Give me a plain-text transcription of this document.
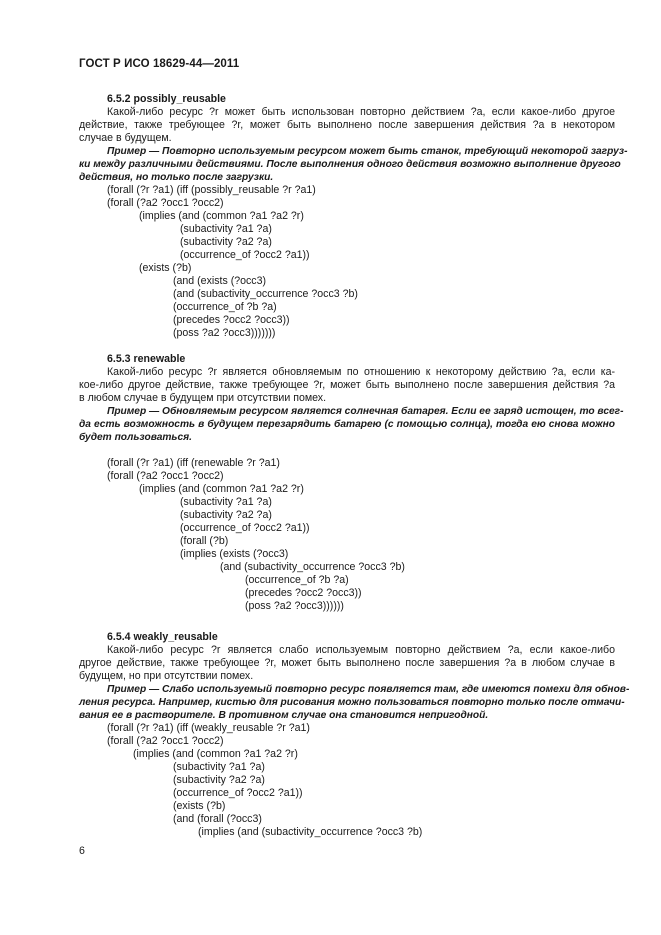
ГОСТ Р ИСО 18629-44—2011
6.5.2 possibly_reusable
Какой-либо ресурс ?r может быть использован повторно действием ?a, если какое-либо другое
действие, также требующее ?r, может быть выполнено после завершения действия ?a в некотором
случае в будущем.
Пример — Повторно используемым ресурсом может быть станок, требующий некоторой загруз-
ки между различными действиями. После выполнения одного действия возможно выполнение другого
действия, но только после загрузки.
(forall (?r ?a1) (iff (possibly_reusable ?r ?a1)
(forall (?a2 ?occ1 ?occ2)
(implies (and (common ?a1 ?a2 ?r)
(subactivity ?a1 ?a)
(subactivity ?a2 ?a)
(occurrence_of ?occ2 ?a1))
(exists (?b)
(and (exists (?occ3)
(and (subactivity_occurrence ?occ3 ?b)
(occurrence_of ?b ?a)
(precedes ?occ2 ?occ3))
(poss ?a2 ?occ3)))))))
6.5.3 renewable
Какой-либо ресурс ?r является обновляемым по отношению к некоторому действию ?a, если ка-
кое-либо другое действие, также требующее ?r, может быть выполнено после завершения действия ?a
в любом случае в будущем при отсутствии помех.
Пример — Обновляемым ресурсом является солнечная батарея. Если ее заряд истощен, то всег-
да есть возможность в будущем перезарядить батарею (с помощью солнца), тогда ею снова можно
будет пользоваться.
(forall (?r ?a1) (iff (renewable ?r ?a1)
(forall (?a2 ?occ1 ?occ2)
(implies (and (common ?a1 ?a2 ?r)
(subactivity ?a1 ?a)
(subactivity ?a2 ?a)
(occurrence_of ?occ2 ?a1))
(forall (?b)
(implies (exists (?occ3)
(and (subactivity_occurrence ?occ3 ?b)
(occurrence_of ?b ?a)
(precedes ?occ2 ?occ3))
(poss ?a2 ?occ3))))))
6.5.4 weakly_reusable
Какой-либо ресурс ?r является слабо используемым повторно действием ?a, если какое-либо
другое действие, также требующее ?r, может быть выполнено после завершения ?a в любом случае в
будущем, но при отсутствии помех.
Пример — Слабо используемый повторно ресурс появляется там, где имеются помехи для обнов-
ления ресурса. Например, кистью для рисования можно пользоваться повторно только после отмачи-
вания ее в растворителе. В противном случае она становится непригодной.
(forall (?r ?a1) (iff (weakly_reusable ?r ?a1)
(forall (?a2 ?occ1 ?occ2)
(implies (and (common ?a1 ?a2 ?r)
(subactivity ?a1 ?a)
(subactivity ?a2 ?a)
(occurrence_of ?occ2 ?a1))
(exists (?b)
(and (forall (?occ3)
(implies (and (subactivity_occurrence ?occ3 ?b)
6
